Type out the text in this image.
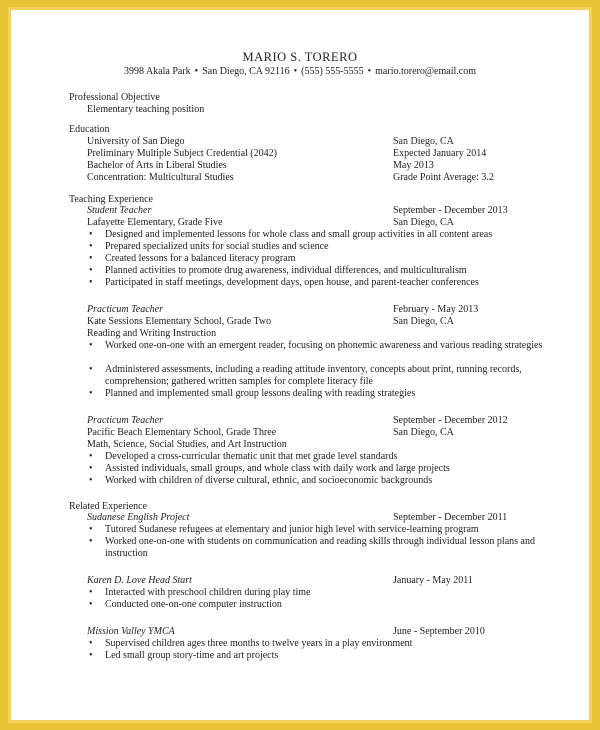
MARIO S. TORERO
3998 Akala Park • San Diego, CA 92116 • (555) 555-5555 • mario.torero@email.com
Professional Objective
Elementary teaching position
Education
University of San Diego	San Diego, CA
Preliminary Multiple Subject Credential (2042)	Expected January 2014
Bachelor of Arts in Liberal Studies	May 2013
Concentration: Multicultural Studies	Grade Point Average: 3.2
Teaching Experience
Student Teacher	September - December 2013
Lafayette Elementary, Grade Five	San Diego, CA
• Designed and implemented lessons for whole class and small group activities in all content areas
• Prepared specialized units for social studies and science
• Created lessons for a balanced literacy program
• Planned activities to promote drug awareness, individual differences, and multiculturalism
• Participated in staff meetings, development days, open house, and parent-teacher conferences
Practicum Teacher	February - May 2013
Kate Sessions Elementary School, Grade Two	San Diego, CA
Reading and Writing Instruction
• Worked one-on-one with an emergent reader, focusing on phonemic awareness and various reading strategies
• Administered assessments, including a reading attitude inventory, concepts about print, running records, comprehension; gathered written samples for complete literacy file
• Planned and implemented small group lessons dealing with reading strategies
Practicum Teacher	September - December 2012
Pacific Beach Elementary School, Grade Three	San Diego, CA
Math, Science, Social Studies, and Art Instruction
• Developed a cross-curricular thematic unit that met grade level standards
• Assisted individuals, small groups, and whole class with daily work and large projects
• Worked with children of diverse cultural, ethnic, and socioeconomic backgrounds
Related Experience
Sudanese English Project	September - December 2011
• Tutored Sudanese refugees at elementary and junior high level with service-learning program
• Worked one-on-one with students on communication and reading skills through individual lesson plans and instruction
Karen D. Love Head Start	January - May 2011
• Interacted with preschool children during play time
• Conducted one-on-one computer instruction
Mission Valley YMCA	June - September 2010
• Supervised children ages three months to twelve years in a play environment
• Led small group story-time and art projects
